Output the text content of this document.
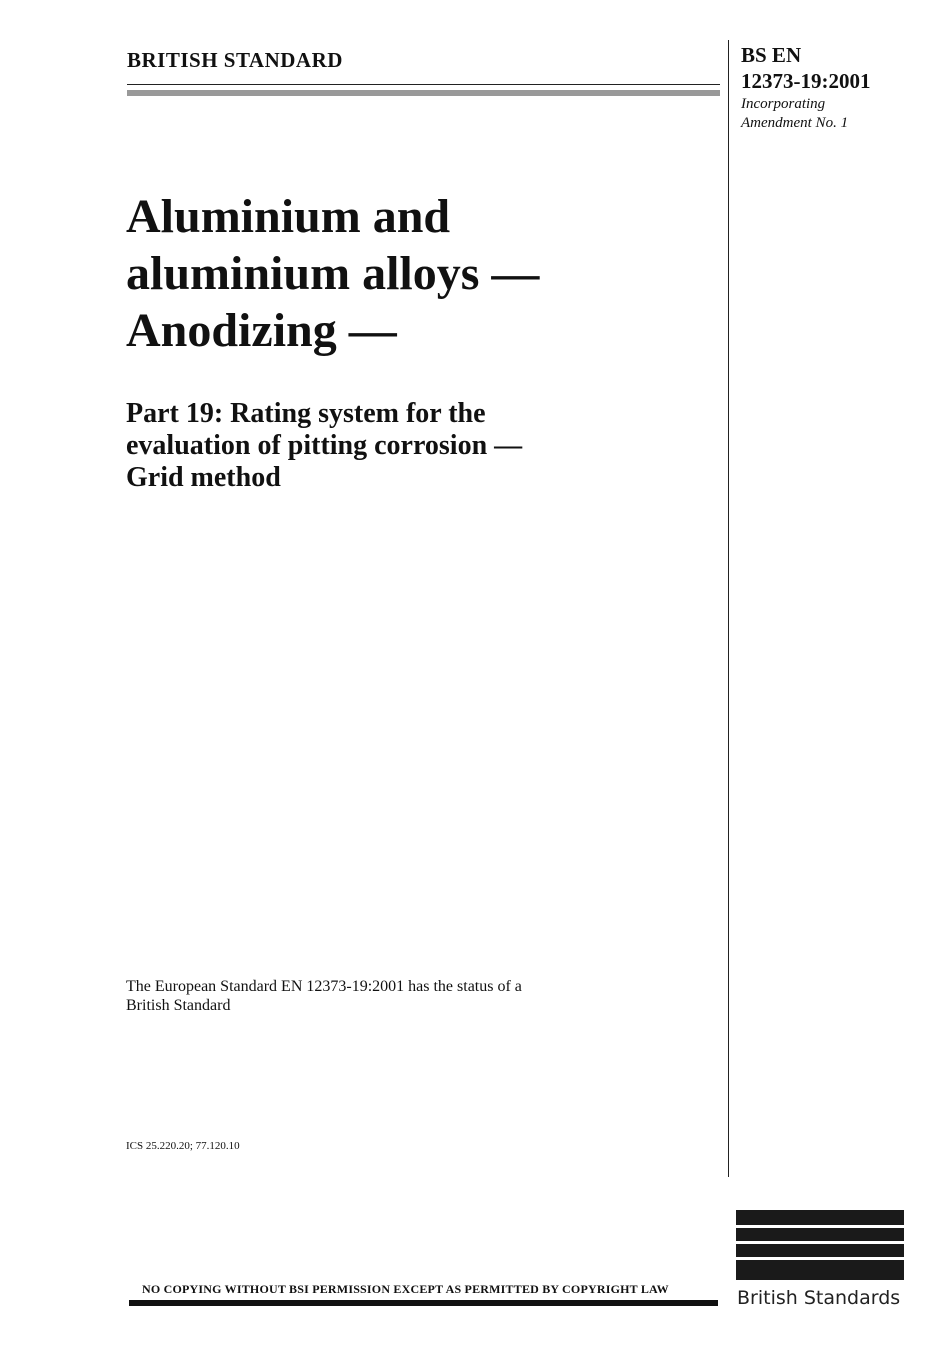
BRITISH STANDARD	BS EN
12373-19:2001
Incorporating
Amendment No. 1
Aluminium and
aluminium alloys —
Anodizing —
Part 19: Rating system for the
evaluation of pitting corrosion —
Grid method
The European Standard EN 12373-19:2001 has the status of a
British Standard
ICS 25.220.20; 77.120.10
NO COPYING WITHOUT BSI PERMISSION EXCEPT AS PERMITTED BY COPYRIGHT LAW	British Standards
